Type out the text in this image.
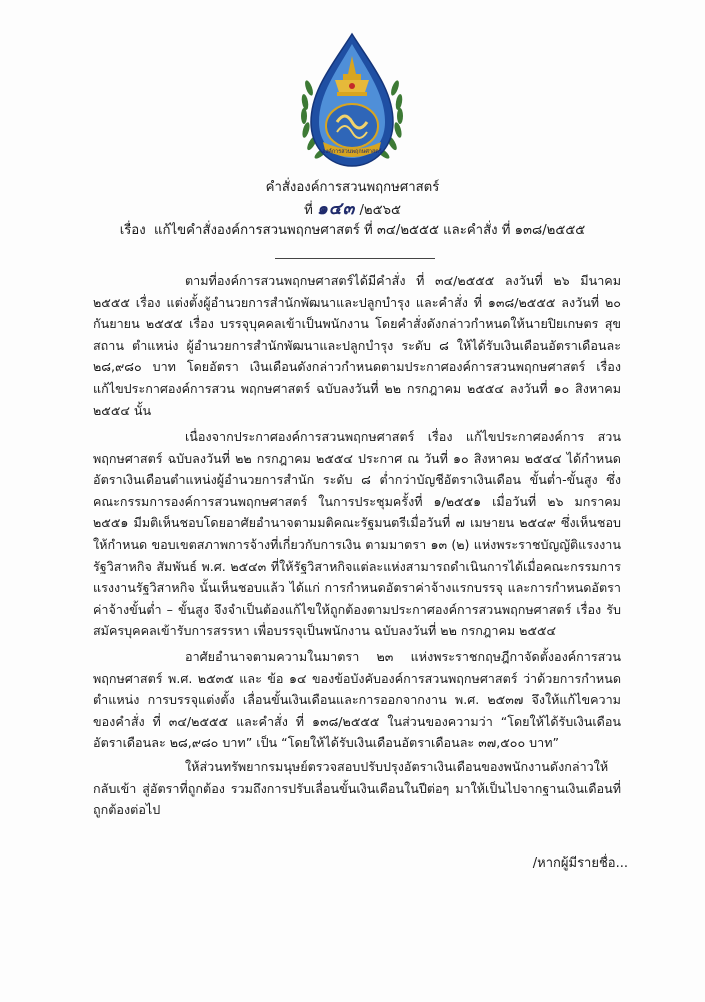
องค์การสวนพฤกษศาสตร์
คำสั่งองค์การสวนพฤกษศาสตร์
ที่ ๑๔๓ /๒๕๖๕
เรื่อง แก้ไขคำสั่งองค์การสวนพฤกษศาสตร์ ที่ ๓๔/๒๕๕๕ และคำสั่ง ที่ ๑๓๘/๒๕๕๕

ตามที่องค์การสวนพฤกษศาสตร์ได้มีคำสั่ง ที่ ๓๔/๒๕๕๕ ลงวันที่ ๒๖ มีนาคม ๒๕๕๕ เรื่อง แต่งตั้งผู้อำนวยการสำนักพัฒนาและปลูกบำรุง และคำสั่ง ที่ ๑๓๘/๒๕๕๕ ลงวันที่ ๒๐ กันยายน ๒๕๕๕ เรื่อง บรรจุบุคคลเข้าเป็นพนักงาน โดยคำสั่งดังกล่าวกำหนดให้นายปิยเกษตร สุขสถาน ตำแหน่ง ผู้อำนวยการสำนักพัฒนาและปลูกบำรุง ระดับ ๘ ให้ได้รับเงินเดือนอัตราเดือนละ ๒๘,๙๘๐ บาท โดยอัตรา เงินเดือนดังกล่าวกำหนดตามประกาศองค์การสวนพฤกษศาสตร์ เรื่อง แก้ไขประกาศองค์การสวน พฤกษศาสตร์ ฉบับลงวันที่ ๒๒ กรกฎาคม ๒๕๕๔ ลงวันที่ ๑๐ สิงหาคม ๒๕๕๔ นั้น

เนื่องจากประกาศองค์การสวนพฤกษศาสตร์ เรื่อง แก้ไขประกาศองค์การ สวนพฤกษศาสตร์ ฉบับลงวันที่ ๒๒ กรกฎาคม ๒๕๕๔ ประกาศ ณ วันที่ ๑๐ สิงหาคม ๒๕๕๔ ได้กำหนด อัตราเงินเดือนตำแหน่งผู้อำนวยการสำนัก ระดับ ๘ ต่ำกว่าบัญชีอัตราเงินเดือน ขั้นต่ำ-ขั้นสูง ซึ่งคณะกรรมการองค์การสวนพฤกษศาสตร์ ในการประชุมครั้งที่ ๑/๒๕๕๑ เมื่อวันที่ ๒๖ มกราคม ๒๕๕๑ มีมติเห็นชอบโดยอาศัยอำนาจตามมติคณะรัฐมนตรีเมื่อวันที่ ๗ เมษายน ๒๕๔๙ ซึ่งเห็นชอบให้กำหนด ขอบเขตสภาพการจ้างที่เกี่ยวกับการเงิน ตามมาตรา ๑๓ (๒) แห่งพระราชบัญญัติแรงงานรัฐวิสาหกิจ สัมพันธ์ พ.ศ. ๒๕๔๓ ที่ให้รัฐวิสาหกิจแต่ละแห่งสามารถดำเนินการได้เมื่อคณะกรรมการแรงงานรัฐวิสาหกิจ นั้นเห็นชอบแล้ว ได้แก่ การกำหนดอัตราค่าจ้างแรกบรรจุ และการกำหนดอัตราค่าจ้างขั้นต่ำ – ขั้นสูง จึงจำเป็นต้องแก้ไขให้ถูกต้องตามประกาศองค์การสวนพฤกษศาสตร์ เรื่อง รับสมัครบุคคลเข้ารับการสรรหา เพื่อบรรจุเป็นพนักงาน ฉบับลงวันที่ ๒๒ กรกฎาคม ๒๕๕๔

อาศัยอำนาจตามความในมาตรา ๒๓ แห่งพระราชกฤษฎีกาจัดตั้งองค์การสวน พฤกษศาสตร์ พ.ศ. ๒๕๓๕ และ ข้อ ๑๔ ของข้อบังคับองค์การสวนพฤกษศาสตร์ ว่าด้วยการกำหนด ตำแหน่ง การบรรจุแต่งตั้ง เลื่อนขั้นเงินเดือนและการออกจากงาน พ.ศ. ๒๕๓๗ จึงให้แก้ไขความของคำสั่ง ที่ ๓๔/๒๕๕๕ และคำสั่ง ที่ ๑๓๘/๒๕๕๕ ในส่วนของความว่า “โดยให้ได้รับเงินเดือนอัตราเดือนละ ๒๘,๙๘๐ บาท” เป็น “โดยให้ได้รับเงินเดือนอัตราเดือนละ ๓๗,๕๐๐ บาท”

ให้ส่วนทรัพยากรมนุษย์ตรวจสอบปรับปรุงอัตราเงินเดือนของพนักงานดังกล่าวให้กลับเข้า สู่อัตราที่ถูกต้อง รวมถึงการปรับเลื่อนขั้นเงินเดือนในปีต่อๆ มาให้เป็นไปจากฐานเงินเดือนที่ถูกต้องต่อไป

/หากผู้มีรายชื่อ...
